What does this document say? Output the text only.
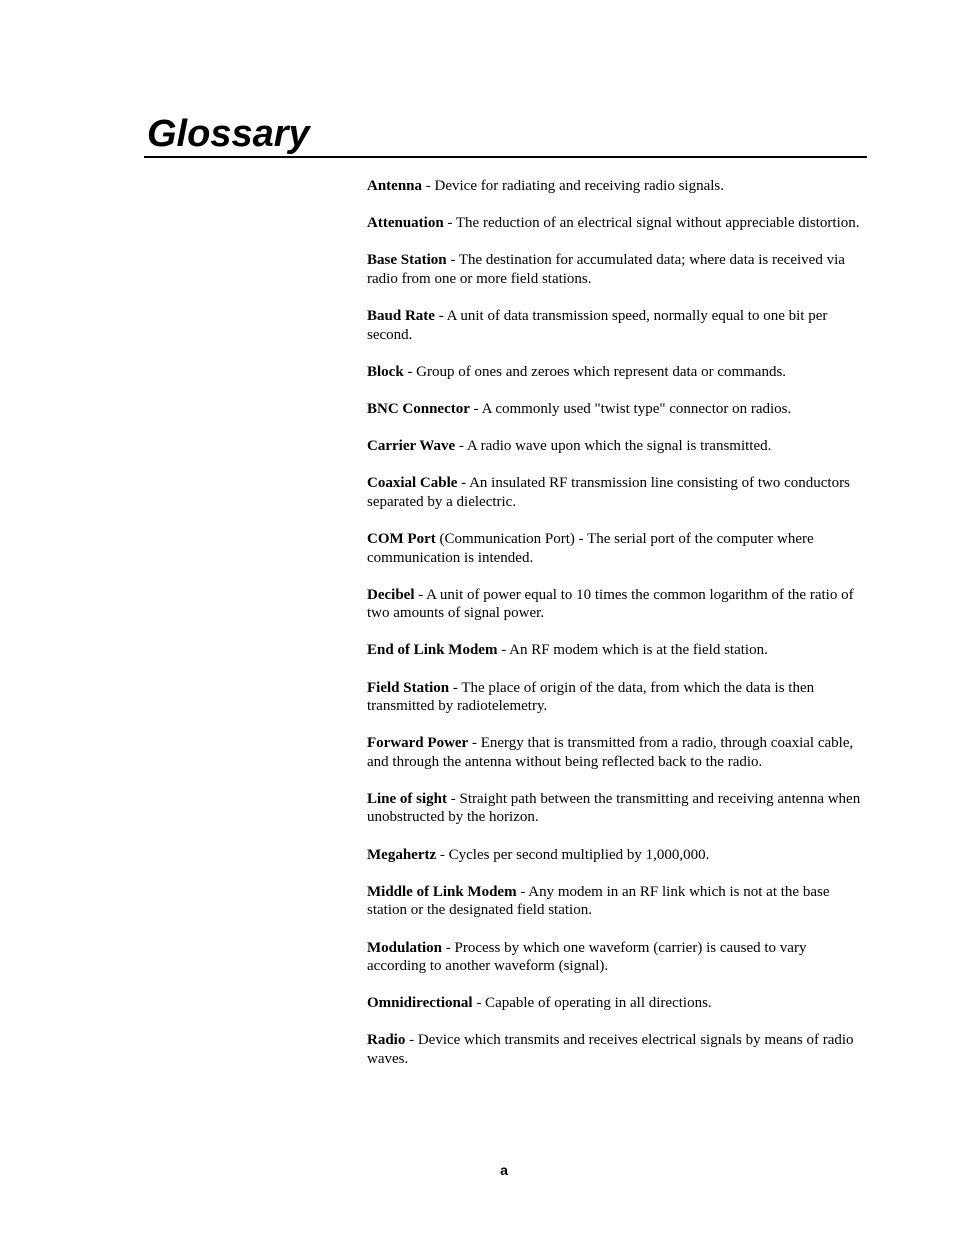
Glossary
Antenna - Device for radiating and receiving radio signals.
Attenuation - The reduction of an electrical signal without appreciable distortion.
Base Station - The destination for accumulated data; where data is received via radio from one or more field stations.
Baud Rate - A unit of data transmission speed, normally equal to one bit per second.
Block - Group of ones and zeroes which represent data or commands.
BNC Connector - A commonly used "twist type" connector on radios.
Carrier Wave - A radio wave upon which the signal is transmitted.
Coaxial Cable - An insulated RF transmission line consisting of two conductors separated by a dielectric.
COM Port (Communication Port) - The serial port of the computer where communication is intended.
Decibel - A unit of power equal to 10 times the common logarithm of the ratio of two amounts of signal power.
End of Link Modem - An RF modem which is at the field station.
Field Station - The place of origin of the data, from which the data is then transmitted by radiotelemetry.
Forward Power - Energy that is transmitted from a radio, through coaxial cable, and through the antenna without being reflected back to the radio.
Line of sight - Straight path between the transmitting and receiving antenna when unobstructed by the horizon.
Megahertz - Cycles per second multiplied by 1,000,000.
Middle of Link Modem - Any modem in an RF link which is not at the base station or the designated field station.
Modulation - Process by which one waveform (carrier) is caused to vary according to another waveform (signal).
Omnidirectional - Capable of operating in all directions.
Radio - Device which transmits and receives electrical signals by means of radio waves.
a
